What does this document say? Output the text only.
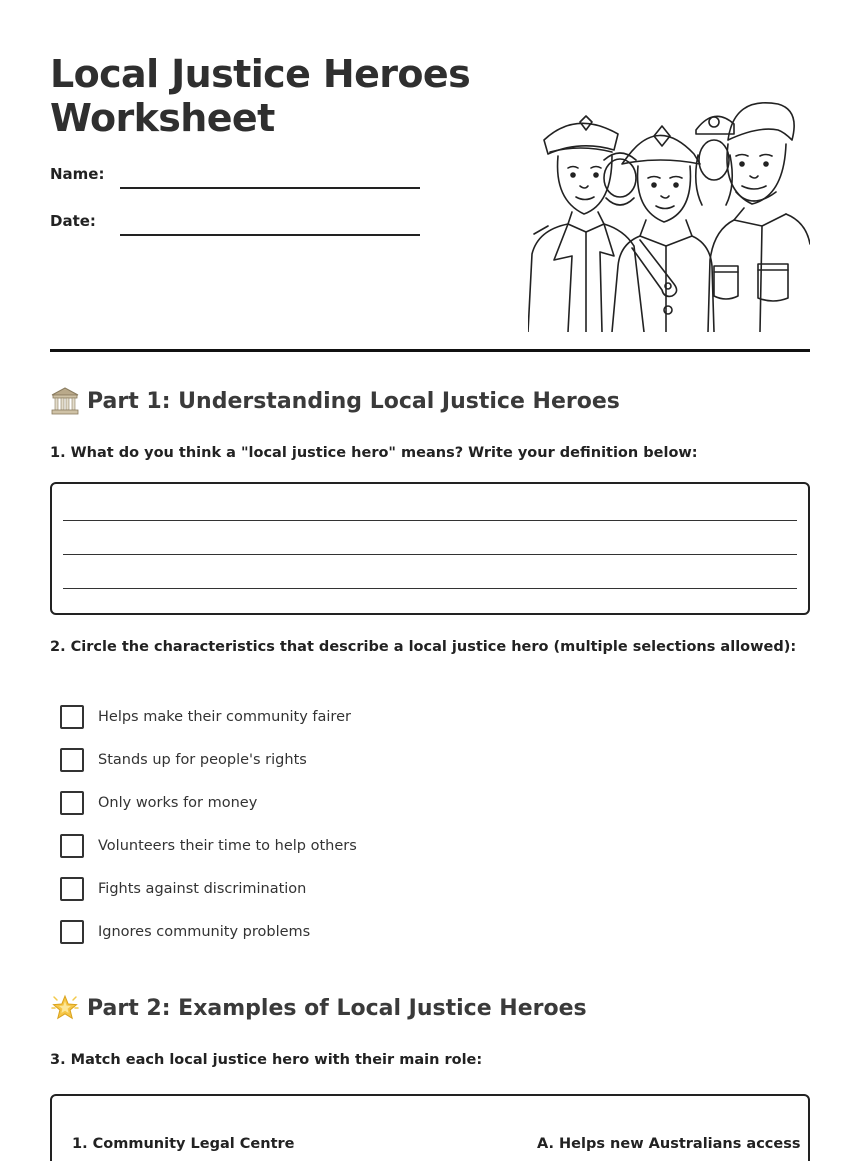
Local Justice Heroes Worksheet
Name:
Date:
Part 1: Understanding Local Justice Heroes
1. What do you think a "local justice hero" means? Write your definition below:
2. Circle the characteristics that describe a local justice hero (multiple selections allowed):
Helps make their community fairer
Stands up for people's rights
Only works for money
Volunteers their time to help others
Fights against discrimination
Ignores community problems
Part 2: Examples of Local Justice Heroes
3. Match each local justice hero with their main role:
1. Community Legal Centre	A. Helps new Australians access
